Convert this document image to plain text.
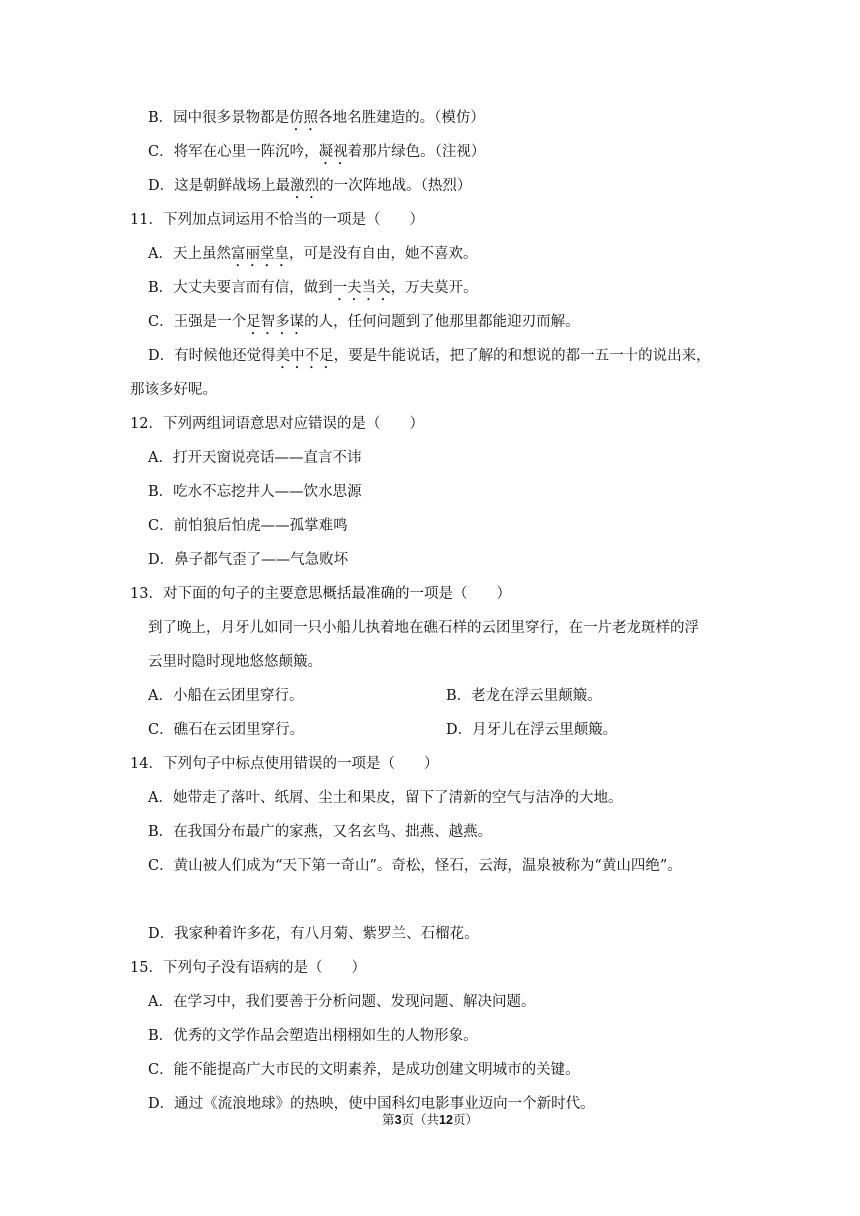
B．园中很多景物都是仿照各地名胜建造的。（模仿）
C．将军在心里一阵沉吟，凝视着那片绿色。（注视）
D．这是朝鲜战场上最激烈的一次阵地战。（热烈）
11．下列加点词运用不恰当的一项是（　　）
A．天上虽然富丽堂皇，可是没有自由，她不喜欢。
B．大丈夫要言而有信，做到一夫当关，万夫莫开。
C．王强是一个足智多谋的人，任何问题到了他那里都能迎刃而解。
D．有时候他还觉得美中不足，要是牛能说话，把了解的和想说的都一五一十的说出来，
那该多好呢。
12．下列两组词语意思对应错误的是（　　）
A．打开天窗说亮话——直言不讳
B．吃水不忘挖井人——饮水思源
C．前怕狼后怕虎——孤掌难鸣
D．鼻子都气歪了——气急败坏
13．对下面的句子的主要意思概括最准确的一项是（　　）
到了晚上，月牙儿如同一只小船儿执着地在礁石样的云团里穿行，在一片老龙斑样的浮
云里时隐时现地悠悠颠簸。
A．小船在云团里穿行。	B．老龙在浮云里颠簸。
C．礁石在云团里穿行。	D．月牙儿在浮云里颠簸。
14．下列句子中标点使用错误的一项是（　　）
A．她带走了落叶、纸屑、尘土和果皮，留下了清新的空气与洁净的大地。
B．在我国分布最广的家燕，又名玄鸟、拙燕、越燕。
C．黄山被人们成为“天下第一奇山”。奇松，怪石，云海，温泉被称为“黄山四绝”。
D．我家种着许多花，有八月菊、紫罗兰、石榴花。
15．下列句子没有语病的是（　　）
A．在学习中，我们要善于分析问题、发现问题、解决问题。
B．优秀的文学作品会塑造出栩栩如生的人物形象。
C．能不能提高广大市民的文明素养，是成功创建文明城市的关键。
D．通过《流浪地球》的热映，使中国科幻电影事业迈向一个新时代。
第3页（共12页）
